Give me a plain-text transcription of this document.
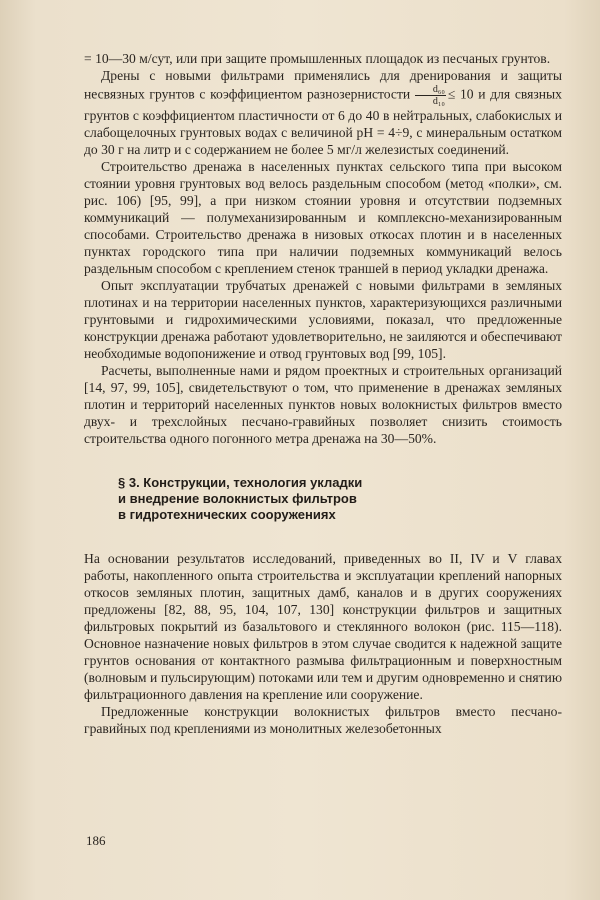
= 10—30 м/сут, или при защите промышленных площадок из песчаных грунтов.

Дрены с новыми фильтрами применялись для дренирования и защиты несвязных грунтов с коэффициентом разнозернистости $\frac{\text{d₆₀}}{\text{d₁₀}} \le 10$ и для связных грунтов с коэффициентом пластичности от 6 до 40 в нейтральных, слабокислых и слабощелочных грунтовых водах с величиной pH = 4÷9, с минеральным остатком до 30 г на литр и с содержанием не более 5 мг/л железистых соединений.

Строительство дренажа в населенных пунктах сельского типа при высоком стоянии уровня грунтовых вод велось раздельным способом (метод «полки», см. рис. 106) [95, 99], а при низком стоянии уровня и отсутствии подземных коммуникаций — полумеханизированным и комплексно-механизированным способами. Строительство дренажа в низовых откосах плотин и в населенных пунктах городского типа при наличии подземных коммуникаций велось раздельным способом с креплением стенок траншей в период укладки дренажа.

Опыт эксплуатации трубчатых дренажей с новыми фильтрами в земляных плотинах и на территории населенных пунктов, характеризующихся различными грунтовыми и гидрохимическими условиями, показал, что предложенные конструкции дренажа работают удовлетворительно, не заиляются и обеспечивают необходимые водопонижение и отвод грунтовых вод [99, 105].

Расчеты, выполненные нами и рядом проектных и строительных организаций [14, 97, 99, 105], свидетельствуют о том, что применение в дренажах земляных плотин и территорий населенных пунктов новых волокнистых фильтров вместо двух- и трехслойных песчано-гравийных позволяет снизить стоимость строительства одного погонного метра дренажа на 30—50%.

§ 3. Конструкции, технология укладки
и внедрение волокнистых фильтров
в гидротехнических сооружениях

На основании результатов исследований, приведенных во II, IV и V главах работы, накопленного опыта строительства и эксплуатации креплений напорных откосов земляных плотин, защитных дамб, каналов и в других сооружениях предложены [82, 88, 95, 104, 107, 130] конструкции фильтров и защитных фильтровых покрытий из базальтового и стеклянного волокон (рис. 115—118). Основное назначение новых фильтров в этом случае сводится к надежной защите грунтов основания от контактного размыва фильтрационным и поверхностным (волновым и пульсирующим) потоками или тем и другим одновременно и снятию фильтрационного давления на крепление или сооружение.

Предложенные конструкции волокнистых фильтров вместо песчано-гравийных под креплениями из монолитных железобетонных

186
